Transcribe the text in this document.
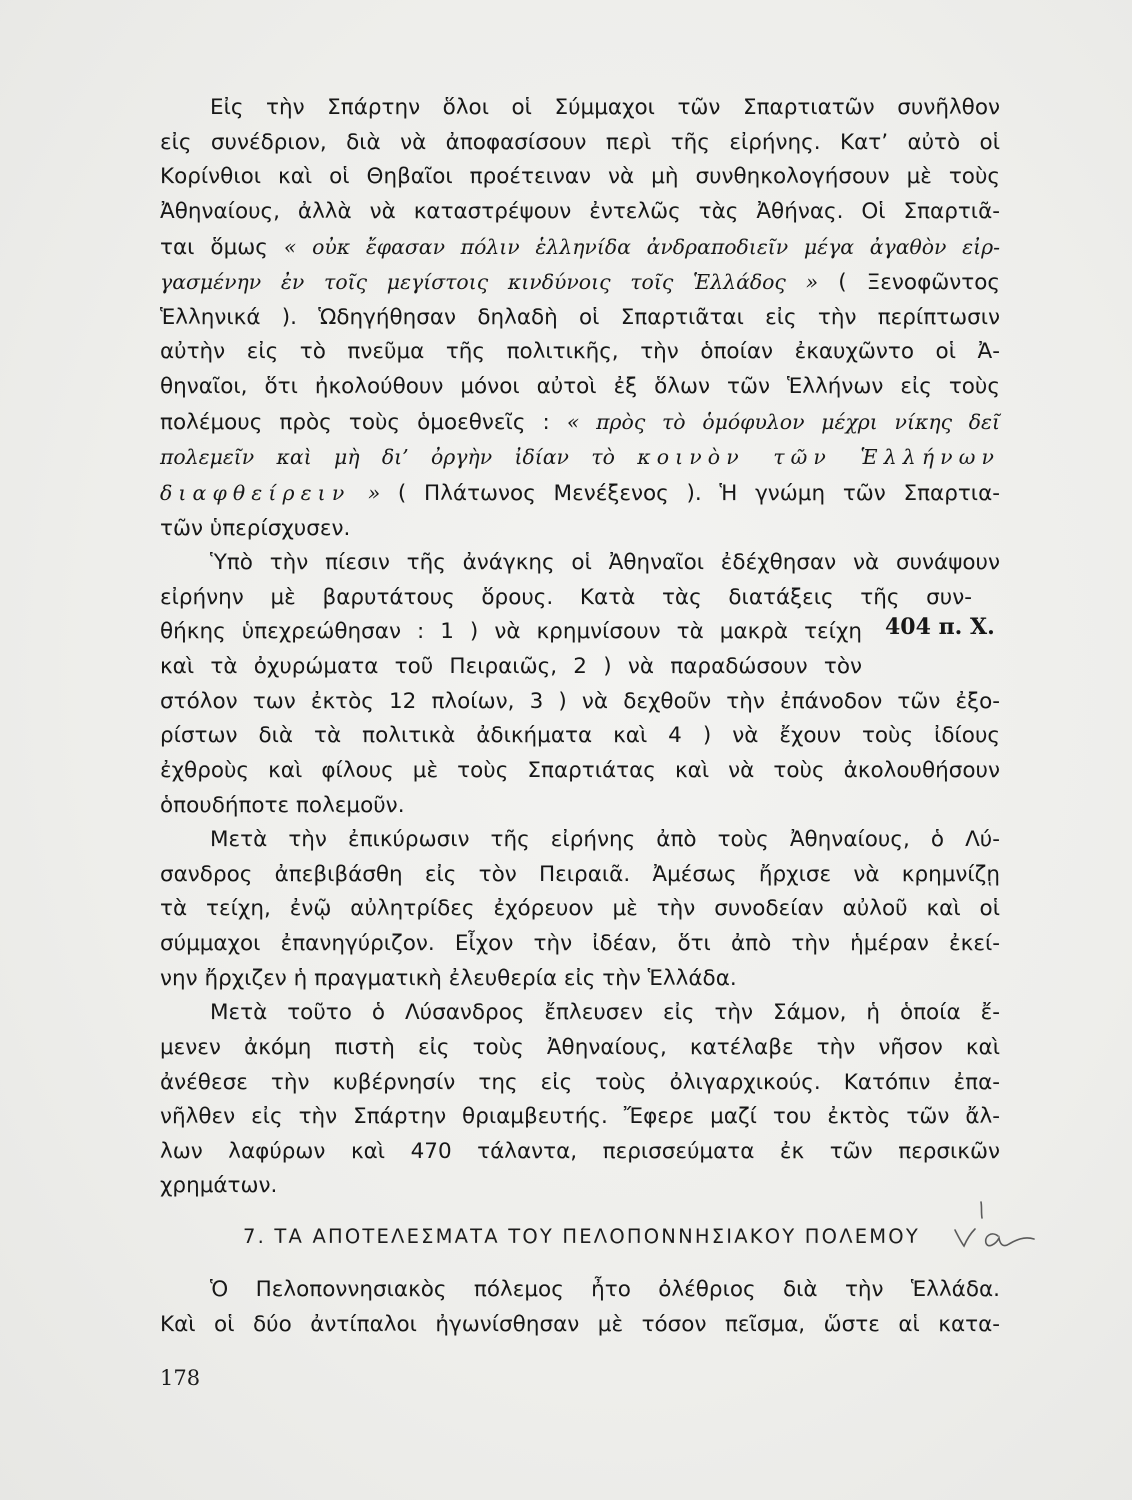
Εἰς τὴν Σπάρτην ὅλοι οἱ Σύμμαχοι τῶν Σπαρτιατῶν συνῆλθον
εἰς συνέδριον, διὰ νὰ ἀποφασίσουν περὶ τῆς εἰρήνης. Κατ’ αὐτὸ οἱ
Κορίνθιοι καὶ οἱ Θηβαῖοι προέτειναν νὰ μὴ συνθηκολογήσουν μὲ τοὺς
Ἀθηναίους, ἀλλὰ νὰ καταστρέψουν ἐντελῶς τὰς Ἀθήνας. Οἱ Σπαρτιᾶ-
ται ὅμως « οὐκ ἔφασαν πόλιν ἑλληνίδα ἀνδραποδιεῖν μέγα ἀγαθὸν εἰρ-
γασμένην ἐν τοῖς μεγίστοις κινδύνοις τοῖς Ἑλλάδος » ( Ξενοφῶντος
Ἑλληνικά ). Ὡδηγήθησαν δηλαδὴ οἱ Σπαρτιᾶται εἰς τὴν περίπτωσιν
αὐτὴν εἰς τὸ πνεῦμα τῆς πολιτικῆς, τὴν ὁποίαν ἐκαυχῶντο οἱ Ἀ-
θηναῖοι, ὅτι ἠκολούθουν μόνοι αὐτοὶ ἐξ ὅλων τῶν Ἑλλήνων εἰς τοὺς
πολέμους πρὸς τοὺς ὁμοεθνεῖς : « πρὸς τὸ ὁμόφυλον μέχρι νίκης δεῖ
πολεμεῖν καὶ μὴ δι’ ὀργὴν ἰδίαν τὸ κοινὸν τῶν Ἑλλήνων
διαφθείρειν » ( Πλάτωνος Μενέξενος ). Ἡ γνώμη τῶν Σπαρτια-
τῶν ὑπερίσχυσεν.
Ὑπὸ τὴν πίεσιν τῆς ἀνάγκης οἱ Ἀθηναῖοι ἐδέχθησαν νὰ συνάψουν
εἰρήνην μὲ βαρυτάτους ὅρους. Κατὰ τὰς διατάξεις τῆς συν-
θήκης ὑπεχρεώθησαν : 1 ) νὰ κρημνίσουν τὰ μακρὰ τείχη
καὶ τὰ ὀχυρώματα τοῦ Πειραιῶς, 2 ) νὰ παραδώσουν τὸν
στόλον των ἐκτὸς 12 πλοίων, 3 ) νὰ δεχθοῦν τὴν ἐπάνοδον τῶν ἐξο-
ρίστων διὰ τὰ πολιτικὰ ἀδικήματα καὶ 4 ) νὰ ἔχουν τοὺς ἰδίους
ἐχθροὺς καὶ φίλους μὲ τοὺς Σπαρτιάτας καὶ νὰ τοὺς ἀκολουθήσουν
ὁπουδήποτε πολεμοῦν.
Μετὰ τὴν ἐπικύρωσιν τῆς εἰρήνης ἀπὸ τοὺς Ἀθηναίους, ὁ Λύ-
σανδρος ἀπεβιβάσθη εἰς τὸν Πειραιᾶ. Ἀμέσως ἤρχισε νὰ κρημνίζῃ
τὰ τείχη, ἐνῷ αὐλητρίδες ἐχόρευον μὲ τὴν συνοδείαν αὐλοῦ καὶ οἱ
σύμμαχοι ἐπανηγύριζον. Εἶχον τὴν ἰδέαν, ὅτι ἀπὸ τὴν ἡμέραν ἐκεί-
νην ἤρχιζεν ἡ πραγματικὴ ἐλευθερία εἰς τὴν Ἑλλάδα.
Μετὰ τοῦτο ὁ Λύσανδρος ἔπλευσεν εἰς τὴν Σάμον, ἡ ὁποία ἔ-
μενεν ἀκόμη πιστὴ εἰς τοὺς Ἀθηναίους, κατέλαβε τὴν νῆσον καὶ
ἀνέθεσε τὴν κυβέρνησίν της εἰς τοὺς ὀλιγαρχικούς. Κατόπιν ἐπα-
νῆλθεν εἰς τὴν Σπάρτην θριαμβευτής. Ἔφερε μαζί του ἐκτὸς τῶν ἄλ-
λων λαφύρων καὶ 470 τάλαντα, περισσεύματα ἐκ τῶν περσικῶν
χρημάτων.
404 π. Χ.
7. ΤΑ ΑΠΟΤΕΛΕΣΜΑΤΑ ΤΟΥ ΠΕΛΟΠΟΝΝΗΣΙΑΚΟΥ ΠΟΛΕΜΟΥ
Ὁ Πελοποννησιακὸς πόλεμος ἦτο ὀλέθριος διὰ τὴν Ἑλλάδα.
Καὶ οἱ δύο ἀντίπαλοι ἠγωνίσθησαν μὲ τόσον πεῖσμα, ὥστε αἱ κατα-
178
